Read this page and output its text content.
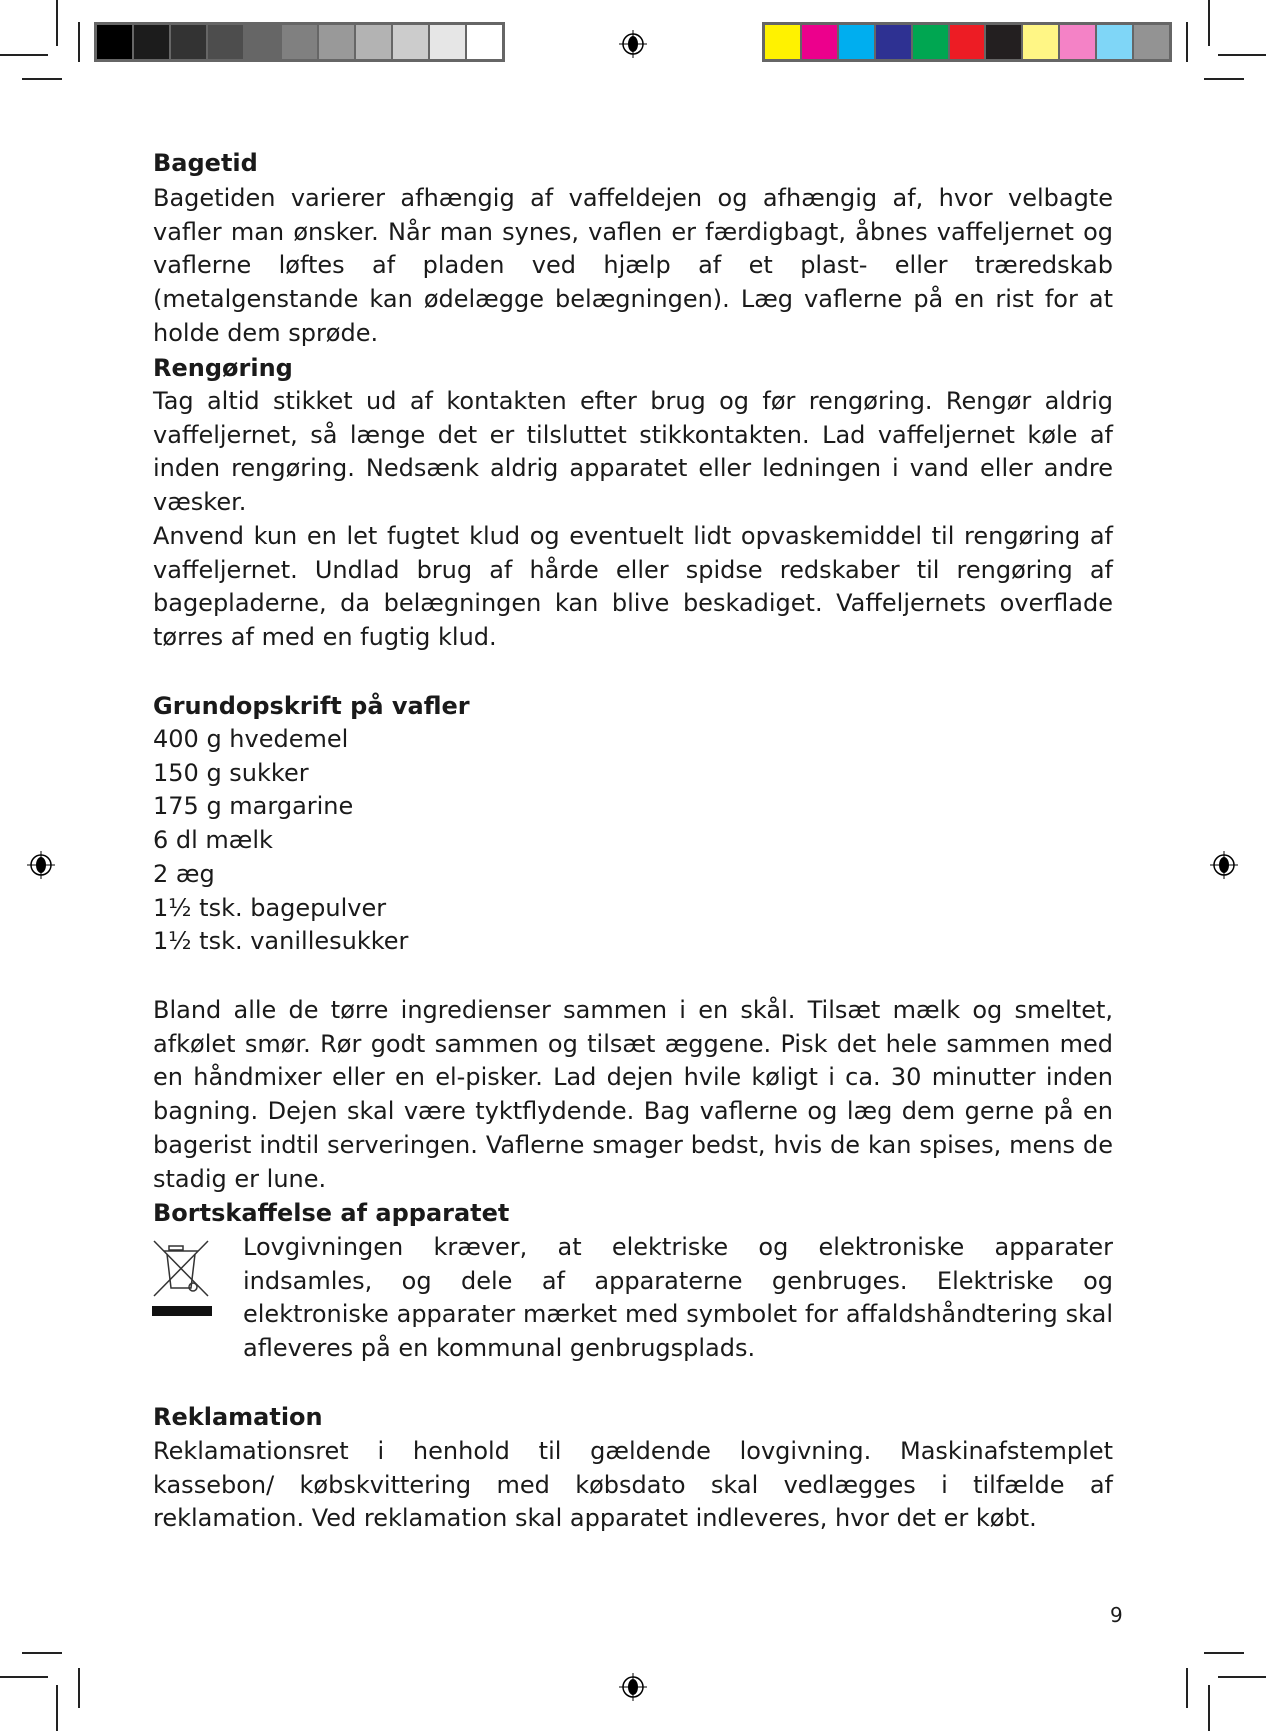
Bagetid
Bagetiden varierer afhængig af vaffeldejen og afhængig af, hvor velbagte vafler man ønsker. Når man synes, vaflen er færdigbagt, åbnes vaffeljernet og vaflerne løftes af pladen ved hjælp af et plast- eller træredskab (metalgenstande kan ødelægge belægningen). Læg vaflerne på en rist for at holde dem sprøde.
Rengøring
Tag altid stikket ud af kontakten efter brug og før rengøring. Rengør aldrig vaffeljernet, så længe det er tilsluttet stikkontakten. Lad vaffeljernet køle af inden rengøring. Nedsænk aldrig apparatet eller ledningen i vand eller andre væsker.
Anvend kun en let fugtet klud og eventuelt lidt opvaskemiddel til rengøring af vaffeljernet. Undlad brug af hårde eller spidse redskaber til rengøring af bagepladerne, da belægningen kan blive beskadiget. Vaffeljernets overflade tørres af med en fugtig klud.
Grundopskrift på vafler
400 g hvedemel
150 g sukker
175 g margarine
6 dl mælk
2 æg
1½ tsk. bagepulver
1½ tsk. vanillesukker
Bland alle de tørre ingredienser sammen i en skål. Tilsæt mælk og smeltet, afkølet smør. Rør godt sammen og tilsæt æggene. Pisk det hele sammen med en håndmixer eller en el-pisker. Lad dejen hvile køligt i ca. 30 minutter inden bagning. Dejen skal være tyktflydende. Bag vaflerne og læg dem gerne på en bagerist indtil serveringen. Vaflerne smager bedst, hvis de kan spises, mens de stadig er lune.
Bortskaffelse af apparatet
Lovgivningen kræver, at elektriske og elektroniske apparater indsamles, og dele af apparaterne genbruges. Elektriske og elektroniske apparater mærket med symbolet for affaldshåndtering skal afleveres på en kommunal genbrugsplads.
Reklamation
Reklamationsret i henhold til gældende lovgivning. Maskinafstemplet kassebon/ købskvittering med købsdato skal vedlægges i tilfælde af reklamation. Ved reklamation skal apparatet indleveres, hvor det er købt.
9
